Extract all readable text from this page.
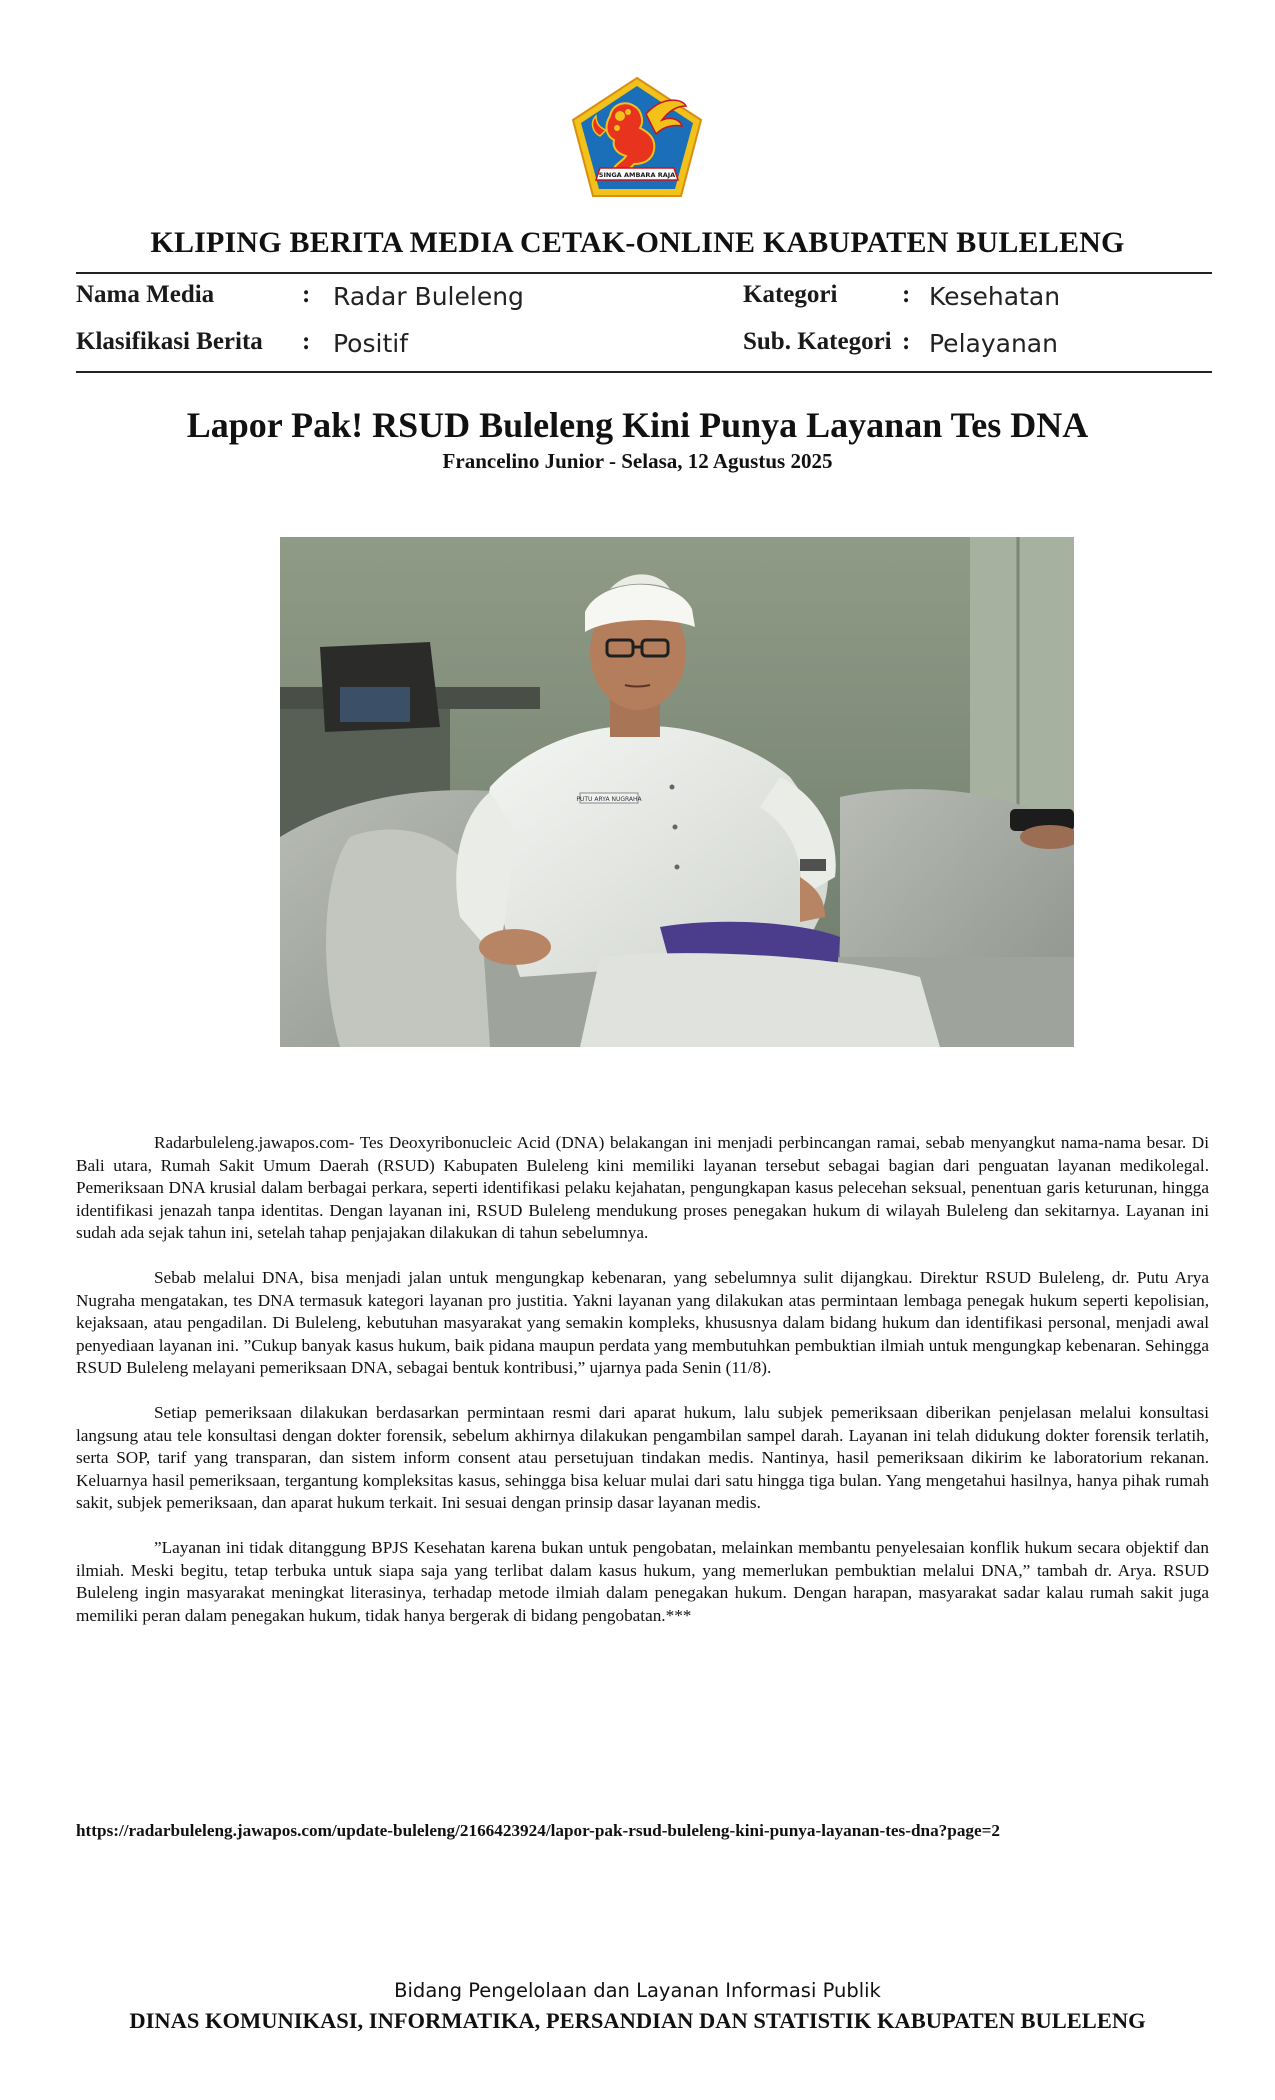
SINGA AMBARA RAJA
KLIPING BERITA MEDIA CETAK-ONLINE KABUPATEN BULELENG
Nama Media	: Radar Buleleng	Kategori	: Kesehatan
Klasifikasi Berita : Positif	Sub. Kategori : Pelayanan
Lapor Pak! RSUD Buleleng Kini Punya Layanan Tes DNA
Francelino Junior - Selasa, 12 Agustus 2025
PUTU ARYA NUGRAHA

Radarbuleleng.jawapos.com- Tes Deoxyribonucleic Acid (DNA) belakangan ini menjadi perbincangan ramai, sebab menyangkut nama-nama besar. Di Bali utara, Rumah Sakit Umum Daerah (RSUD) Kabupaten Buleleng kini memiliki layanan tersebut sebagai bagian dari penguatan layanan medikolegal. Pemeriksaan DNA krusial dalam berbagai perkara, seperti identifikasi pelaku kejahatan, pengungkapan kasus pelecehan seksual, penentuan garis keturunan, hingga identifikasi jenazah tanpa identitas. Dengan layanan ini, RSUD Buleleng mendukung proses penegakan hukum di wilayah Buleleng dan sekitarnya. Layanan ini sudah ada sejak tahun ini, setelah tahap penjajakan dilakukan di tahun sebelumnya.

Sebab melalui DNA, bisa menjadi jalan untuk mengungkap kebenaran, yang sebelumnya sulit dijangkau. Direktur RSUD Buleleng, dr. Putu Arya Nugraha mengatakan, tes DNA termasuk kategori layanan pro justitia. Yakni layanan yang dilakukan atas permintaan lembaga penegak hukum seperti kepolisian, kejaksaan, atau pengadilan. Di Buleleng, kebutuhan masyarakat yang semakin kompleks, khususnya dalam bidang hukum dan identifikasi personal, menjadi awal penyediaan layanan ini. ”Cukup banyak kasus hukum, baik pidana maupun perdata yang membutuhkan pembuktian ilmiah untuk mengungkap kebenaran. Sehingga RSUD Buleleng melayani pemeriksaan DNA, sebagai bentuk kontribusi,” ujarnya pada Senin (11/8).

Setiap pemeriksaan dilakukan berdasarkan permintaan resmi dari aparat hukum, lalu subjek pemeriksaan diberikan penjelasan melalui konsultasi langsung atau tele konsultasi dengan dokter forensik, sebelum akhirnya dilakukan pengambilan sampel darah. Layanan ini telah didukung dokter forensik terlatih, serta SOP, tarif yang transparan, dan sistem inform consent atau persetujuan tindakan medis. Nantinya, hasil pemeriksaan dikirim ke laboratorium rekanan. Keluarnya hasil pemeriksaan, tergantung kompleksitas kasus, sehingga bisa keluar mulai dari satu hingga tiga bulan. Yang mengetahui hasilnya, hanya pihak rumah sakit, subjek pemeriksaan, dan aparat hukum terkait. Ini sesuai dengan prinsip dasar layanan medis.

”Layanan ini tidak ditanggung BPJS Kesehatan karena bukan untuk pengobatan, melainkan membantu penyelesaian konflik hukum secara objektif dan ilmiah. Meski begitu, tetap terbuka untuk siapa saja yang terlibat dalam kasus hukum, yang memerlukan pembuktian melalui DNA,” tambah dr. Arya. RSUD Buleleng ingin masyarakat meningkat literasinya, terhadap metode ilmiah dalam penegakan hukum. Dengan harapan, masyarakat sadar kalau rumah sakit juga memiliki peran dalam penegakan hukum, tidak hanya bergerak di bidang pengobatan.***

https://radarbuleleng.jawapos.com/update-buleleng/2166423924/lapor-pak-rsud-buleleng-kini-punya-layanan-tes-dna?page=2
Bidang Pengelolaan dan Layanan Informasi Publik
DINAS KOMUNIKASI, INFORMATIKA, PERSANDIAN DAN STATISTIK KABUPATEN BULELENG
